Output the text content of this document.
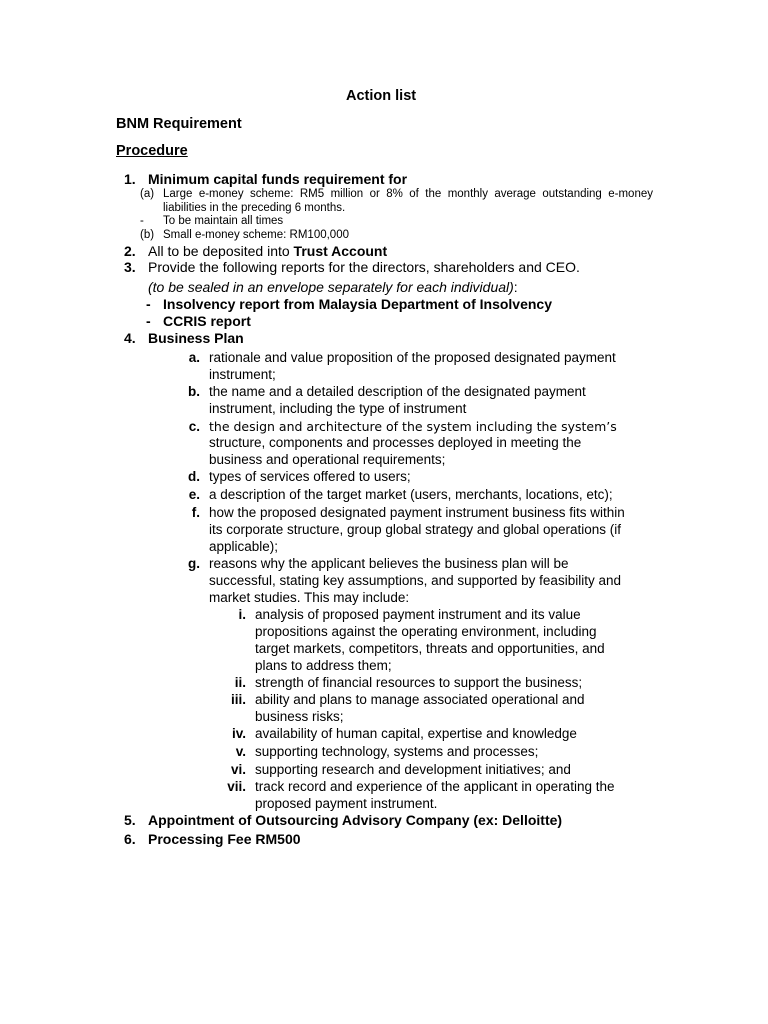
Action list
BNM Requirement
Procedure
1. Minimum capital funds requirement for
(a) Large e-money scheme: RM5 million or 8% of the monthly average outstanding e-money liabilities in the preceding 6 months.
- To be maintain all times
(b) Small e-money scheme: RM100,000
2. All to be deposited into Trust Account
3. Provide the following reports for the directors, shareholders and CEO.
(to be sealed in an envelope separately for each individual):
- Insolvency report from Malaysia Department of Insolvency
- CCRIS report
4. Business Plan
a. rationale and value proposition of the proposed designated payment
instrument;
b. the name and a detailed description of the designated payment
instrument, including the type of instrument
c. the design and architecture of the system including the system’s
structure, components and processes deployed in meeting the
business and operational requirements;
d. types of services offered to users;
e. a description of the target market (users, merchants, locations, etc);
f. how the proposed designated payment instrument business fits within
its corporate structure, group global strategy and global operations (if
applicable);
g. reasons why the applicant believes the business plan will be
successful, stating key assumptions, and supported by feasibility and
market studies. This may include:
i. analysis of proposed payment instrument and its value
propositions against the operating environment, including
target markets, competitors, threats and opportunities, and
plans to address them;
ii. strength of financial resources to support the business;
iii. ability and plans to manage associated operational and
business risks;
iv. availability of human capital, expertise and knowledge
v. supporting technology, systems and processes;
vi. supporting research and development initiatives; and
vii. track record and experience of the applicant in operating the
proposed payment instrument.
5. Appointment of Outsourcing Advisory Company (ex: Delloitte)
6. Processing Fee RM500
